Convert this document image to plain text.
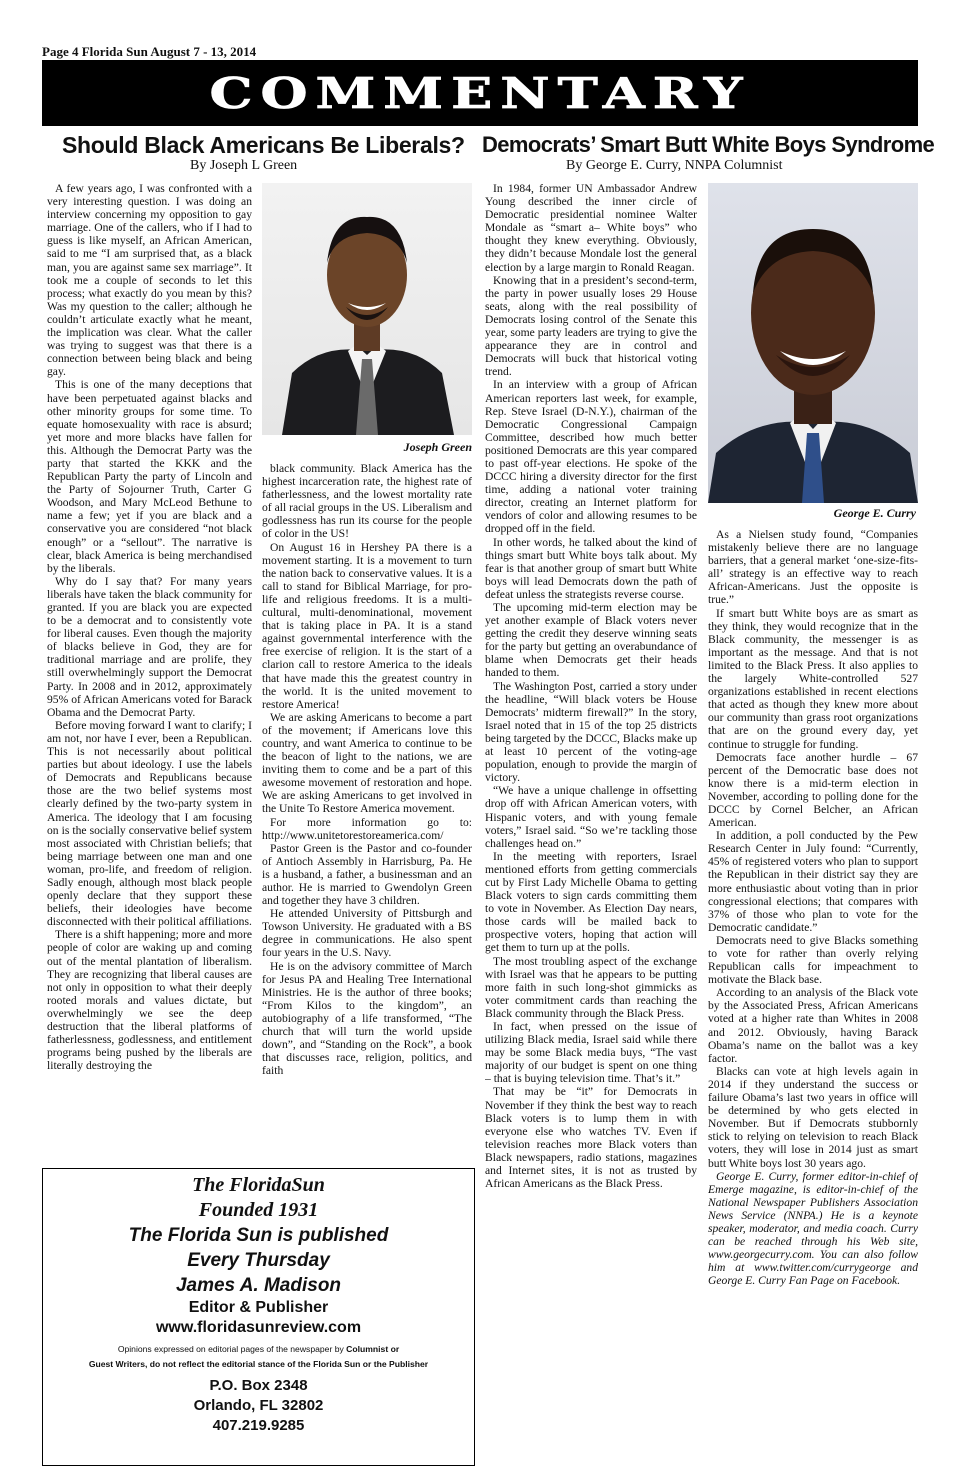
Page 4 Florida Sun August 7 - 13, 2014
COMMENTARY
Should Black Americans Be Liberals?
By Joseph L Green

A few years ago, I was confronted with a very interesting question. I was doing an interview concerning my opposition to gay marriage. One of the callers, who if I had to guess is like myself, an African American, said to me “I am surprised that, as a black man, you are against same sex marriage”. It took me a couple of seconds to let this process; what exactly do you mean by this? Was my question to the caller; although he couldn’t articulate exactly what he meant, the implication was clear. What the caller was trying to suggest was that there is a connection between being black and being gay.

This is one of the many deceptions that have been perpetuated against blacks and other minority groups for some time. To equate homosexuality with race is absurd; yet more and more blacks have fallen for this. Although the Democrat Party was the party that started the KKK and the Republican Party the party of Lincoln and the Party of Sojourner Truth, Carter G Woodson, and Mary McLeod Bethune to name a few; yet if you are black and a conservative you are considered “not black enough” or a “sellout”. The narrative is clear, black America is being merchandised by the liberals.

Why do I say that? For many years liberals have taken the black community for granted. If you are black you are expected to be a democrat and to consistently vote for liberal causes. Even though the majority of blacks believe in God, they are for traditional marriage and are prolife, they still overwhelmingly support the Democrat Party. In 2008 and in 2012, approximately 95% of African Americans voted for Barack Obama and the Democrat Party.

Before moving forward I want to clarify; I am not, nor have I ever, been a Republican. This is not necessarily about political parties but about ideology. I use the labels of Democrats and Republicans because those are the two belief systems most clearly defined by the two-party system in America. The ideology that I am focusing on is the socially conservative belief system most associated with Christian beliefs; that being marriage between one man and one woman, pro-life, and freedom of religion. Sadly enough, although most black people openly declare that they support these beliefs, their ideologies have become disconnected with their political affiliations.

There is a shift happening; more and more people of color are waking up and coming out of the mental plantation of liberalism. They are recognizing that liberal causes are not only in opposition to what their deeply rooted morals and values dictate, but overwhelmingly we see the deep destruction that the liberal platforms of fatherlessness, godlessness, and entitlement programs being pushed by the liberals are literally destroying the

Joseph Green

black community. Black America has the highest incarceration rate, the highest rate of fatherlessness, and the lowest mortality rate of all racial groups in the US. Liberalism and godlessness has run its course for the people of color in the US!

On August 16 in Hershey PA there is a movement starting. It is a movement to turn the nation back to conservative values. It is a call to stand for Biblical Marriage, for pro-life and religious freedoms. It is a multi-cultural, multi-denominational, movement that is taking place in PA. It is a stand against governmental interference with the free exercise of religion. It is the start of a clarion call to restore America to the ideals that have made this the greatest country in the world. It is the united movement to restore America!

We are asking Americans to become a part of the movement; if Americans love this country, and want America to continue to be the beacon of light to the nations, we are inviting them to come and be a part of this awesome movement of restoration and hope. We are asking Americans to get involved in the Unite To Restore America movement.

For more information go to: http://www.unitetorestoreamerica.com/

Pastor Green is the Pastor and co-founder of Antioch Assembly in Harrisburg, Pa. He is a husband, a father, a businessman and an author. He is married to Gwendolyn Green and together they have 3 children.

He attended University of Pittsburgh and Towson University. He graduated with a BS degree in communications. He also spent four years in the U.S. Navy.

He is on the advisory committee of March for Jesus PA and Healing Tree International Ministries. He is the author of three books; “From Kilos to the kingdom”, an autobiography of a life transformed, “The church that will turn the world upside down”, and “Standing on the Rock”, a book that discusses race, religion, politics, and faith

Democrats’ Smart Butt White Boys Syndrome
By George E. Curry, NNPA Columnist

In 1984, former UN Ambassador Andrew Young described the inner circle of Democratic presidential nominee Walter Mondale as “smart a– White boys” who thought they knew everything. Obviously, they didn’t because Mondale lost the general election by a large margin to Ronald Reagan.

Knowing that in a president’s second-term, the party in power usually loses 29 House seats, along with the real possibility of Democrats losing control of the Senate this year, some party leaders are trying to give the appearance they are in control and Democrats will buck that historical voting trend.

In an interview with a group of African American reporters last week, for example, Rep. Steve Israel (D-N.Y.), chairman of the Democratic Congressional Campaign Committee, described how much better positioned Democrats are this year compared to past off-year elections. He spoke of the DCCC hiring a diversity director for the first time, adding a national voter training director, creating an Internet platform for vendors of color and allowing resumes to be dropped off in the field.

In other words, he talked about the kind of things smart butt White boys talk about. My fear is that another group of smart butt White boys will lead Democrats down the path of defeat unless the strategists reverse course.

The upcoming mid-term election may be yet another example of Black voters never getting the credit they deserve winning seats for the party but getting an overabundance of blame when Democrats get their heads handed to them.

The Washington Post, carried a story under the headline, “Will black voters be House Democrats’ midterm firewall?” In the story, Israel noted that in 15 of the top 25 districts being targeted by the DCCC, Blacks make up at least 10 percent of the voting-age population, enough to provide the margin of victory.

“We have a unique challenge in offsetting drop off with African American voters, with Hispanic voters, and with young female voters,” Israel said. “So we’re tackling those challenges head on.”

In the meeting with reporters, Israel mentioned efforts from getting commercials cut by First Lady Michelle Obama to getting Black voters to sign cards committing them to vote in November. As Election Day nears, those cards will be mailed back to prospective voters, hoping that action will get them to turn up at the polls.

The most troubling aspect of the exchange with Israel was that he appears to be putting more faith in such long-shot gimmicks as voter commitment cards than reaching the Black community through the Black Press.

In fact, when pressed on the issue of utilizing Black media, Israel said while there may be some Black media buys, “The vast majority of our budget is spent on one thing – that is buying television time. That’s it.”

That may be “it” for Democrats in November if they think the best way to reach Black voters is to lump them in with everyone else who watches TV. Even if television reaches more Black voters than Black newspapers, radio stations, magazines and Internet sites, it is not as trusted by African Americans as the Black Press.

George E. Curry

As a Nielsen study found, “Companies mistakenly believe there are no language barriers, that a general market ‘one-size-fits-all’ strategy is an effective way to reach African-Americans. Just the opposite is true.”

If smart butt White boys are as smart as they think, they would recognize that in the Black community, the messenger is as important as the message. And that is not limited to the Black Press. It also applies to the largely White-controlled 527 organizations established in recent elections that acted as though they knew more about our community than grass root organizations that are on the ground every day, yet continue to struggle for funding.

Democrats face another hurdle – 67 percent of the Democratic base does not know there is a mid-term election in November, according to polling done for the DCCC by Cornel Belcher, an African American.

In addition, a poll conducted by the Pew Research Center in July found: “Currently, 45% of registered voters who plan to support the Republican in their district say they are more enthusiastic about voting than in prior congressional elections; that compares with 37% of those who plan to vote for the Democratic candidate.”

Democrats need to give Blacks something to vote for rather than overly relying Republican calls for impeachment to motivate the Black base.

According to an analysis of the Black vote by the Associated Press, African Americans voted at a higher rate than Whites in 2008 and 2012. Obviously, having Barack Obama’s name on the ballot was a key factor.

Blacks can vote at high levels again in 2014 if they understand the success or failure Obama’s last two years in office will be determined by who gets elected in November. But if Democrats stubbornly stick to relying on television to reach Black voters, they will lose in 2014 just as smart butt White boys lost 30 years ago.

George E. Curry, former editor-in-chief of Emerge magazine, is editor-in-chief of the National Newspaper Publishers Association News Service (NNPA.) He is a keynote speaker, moderator, and media coach. Curry can be reached through his Web site, www.georgecurry.com. You can also follow him at www.twitter.com/currygeorge and George E. Curry Fan Page on Facebook.

The FloridaSun
Founded 1931
The Florida Sun is published
Every Thursday
James A. Madison
Editor & Publisher
www.floridasunreview.com
Opinions expressed on editorial pages of the newspaper by Columnist or
Guest Writers, do not reflect the editorial stance of the Florida Sun or the Publisher
P.O. Box 2348
Orlando, FL 32802
407.219.9285
